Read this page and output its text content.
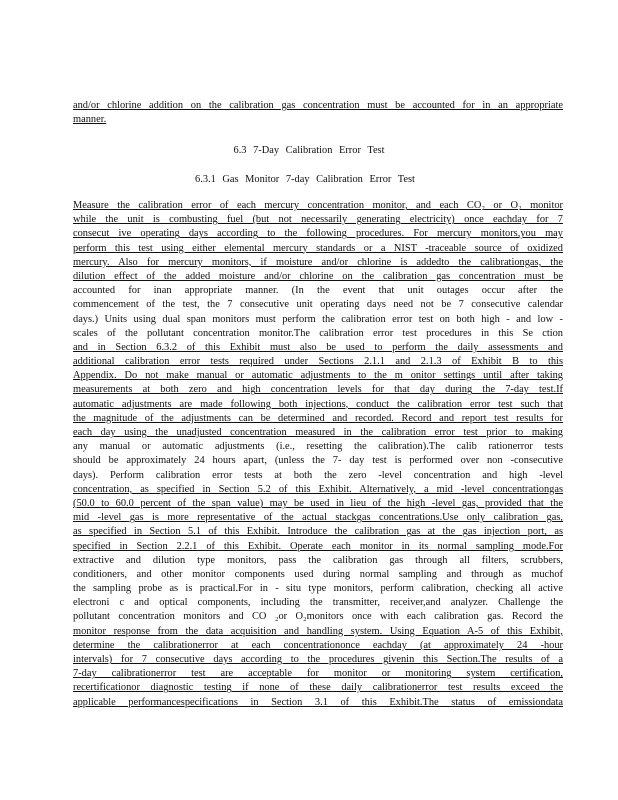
and/or chlorine addition on the calibration gas concentration must be accounted for in an appropriate
manner.
6.3 7-Day Calibration Error Test
6.3.1 Gas Monitor 7-day Calibration Error Test
Measure the calibration error of each mercury concentration monitor, and each CO₂ or O₂ monitor
while the unit is combusting fuel (but not necessarily generating electricity) once eachday for 7
consecut ive operating days according to the following procedures. For mercury monitors,you may
perform this test using either elemental mercury standards or a NIST -traceable source of oxidized
mercury. Also for mercury monitors, if moisture and/or chlorine is addedto the calibrationgas, the
dilution effect of the added moisture and/or chlorine on the calibration gas concentration must be
accounted for inan appropriate manner. (In the event that unit outages occur after the
commencement of the test, the 7 consecutive unit operating days need not be 7 consecutive calendar
days.) Units using dual span monitors must perform the calibration error test on both high - and low -
scales of the pollutant concentration monitor.The calibration error test procedures in this Se ction
and in Section 6.3.2 of this Exhibit must also be used to perform the daily assessments and
additional calibration error tests required under Sections 2.1.1 and 2.1.3 of Exhibit B to this
Appendix. Do not make manual or automatic adjustments to the m onitor settings until after taking
measurements at both zero and high concentration levels for that day during the 7-day test.If
automatic adjustments are made following both injections, conduct the calibration error test such that
the magnitude of the adjustments can be determined and recorded. Record and report test results for
each day using the unadjusted concentration measured in the calibration error test prior to making
any manual or automatic adjustments (i.e., resetting the calibration).The calib rationerror tests
should be approximately 24 hours apart, (unless the 7- day test is performed over non -consecutive
days). Perform calibration error tests at both the zero -level concentration and high -level
concentration, as specified in Section 5.2 of this Exhibit. Alternatively, a mid -level concentrationgas
(50.0 to 60.0 percent of the span value) may be used in lieu of the high -level gas, provided that the
mid -level gas is more representative of the actual stackgas concentrations.Use only calibration gas,
as specified in Section 5.1 of this Exhibit. Introduce the calibration gas at the gas injection port, as
specified in Section 2.2.1 of this Exhibit. Operate each monitor in its normal sampling mode.For
extractive and dilution type monitors, pass the calibration gas through all filters, scrubbers,
conditioners, and other monitor components used during normal sampling and through as muchof
the sampling probe as is practical.For in - situ type monitors, perform calibration, checking all active
electroni c and optical components, including the transmitter, receiver,and analyzer. Challenge the
pollutant concentration monitors and CO ₂or O₂monitors once with each calibration gas. Record the
monitor response from the data acquisition and handling system. Using Equation A-5 of this Exhibit,
determine the calibrationerror at each concentrationonce eachday (at approximately 24 -hour
intervals) for 7 consecutive days according to the procedures givenin this Section.The results of a
7-day calibrationerror test are acceptable for monitor or monitoring system certification,
recertificationor diagnostic testing if none of these daily calibrationerror test results exceed the
applicable performancespecifications in Section 3.1 of this Exhibit.The status of emissiondata
